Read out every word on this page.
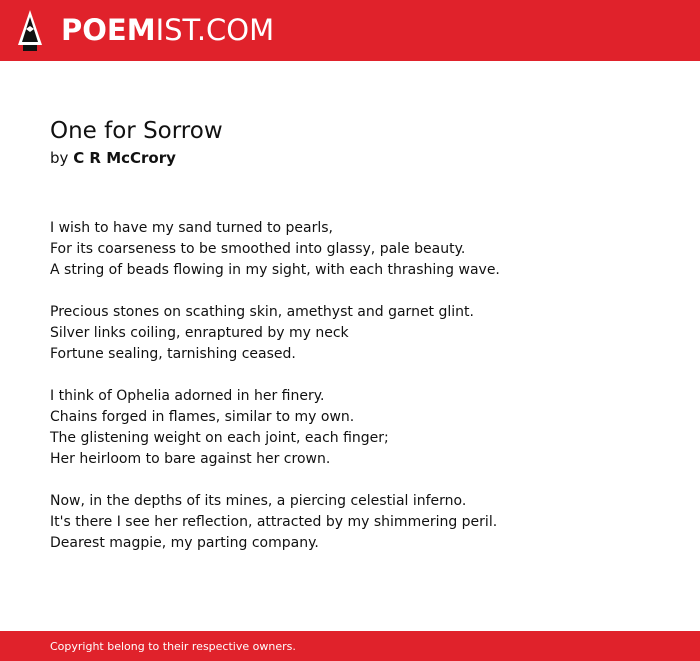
POEMIST.COM
One for Sorrow
by C R McCrory
I wish to have my sand turned to pearls,
For its coarseness to be smoothed into glassy, pale beauty.
A string of beads flowing in my sight, with each thrashing wave.
Precious stones on scathing skin, amethyst and garnet glint.
Silver links coiling, enraptured by my neck
Fortune sealing, tarnishing ceased.
I think of Ophelia adorned in her finery.
Chains forged in flames, similar to my own.
The glistening weight on each joint, each finger;
Her heirloom to bare against her crown.
Now, in the depths of its mines, a piercing celestial inferno.
It's there I see her reflection, attracted by my shimmering peril.
Dearest magpie, my parting company.
Copyright belong to their respective owners.
